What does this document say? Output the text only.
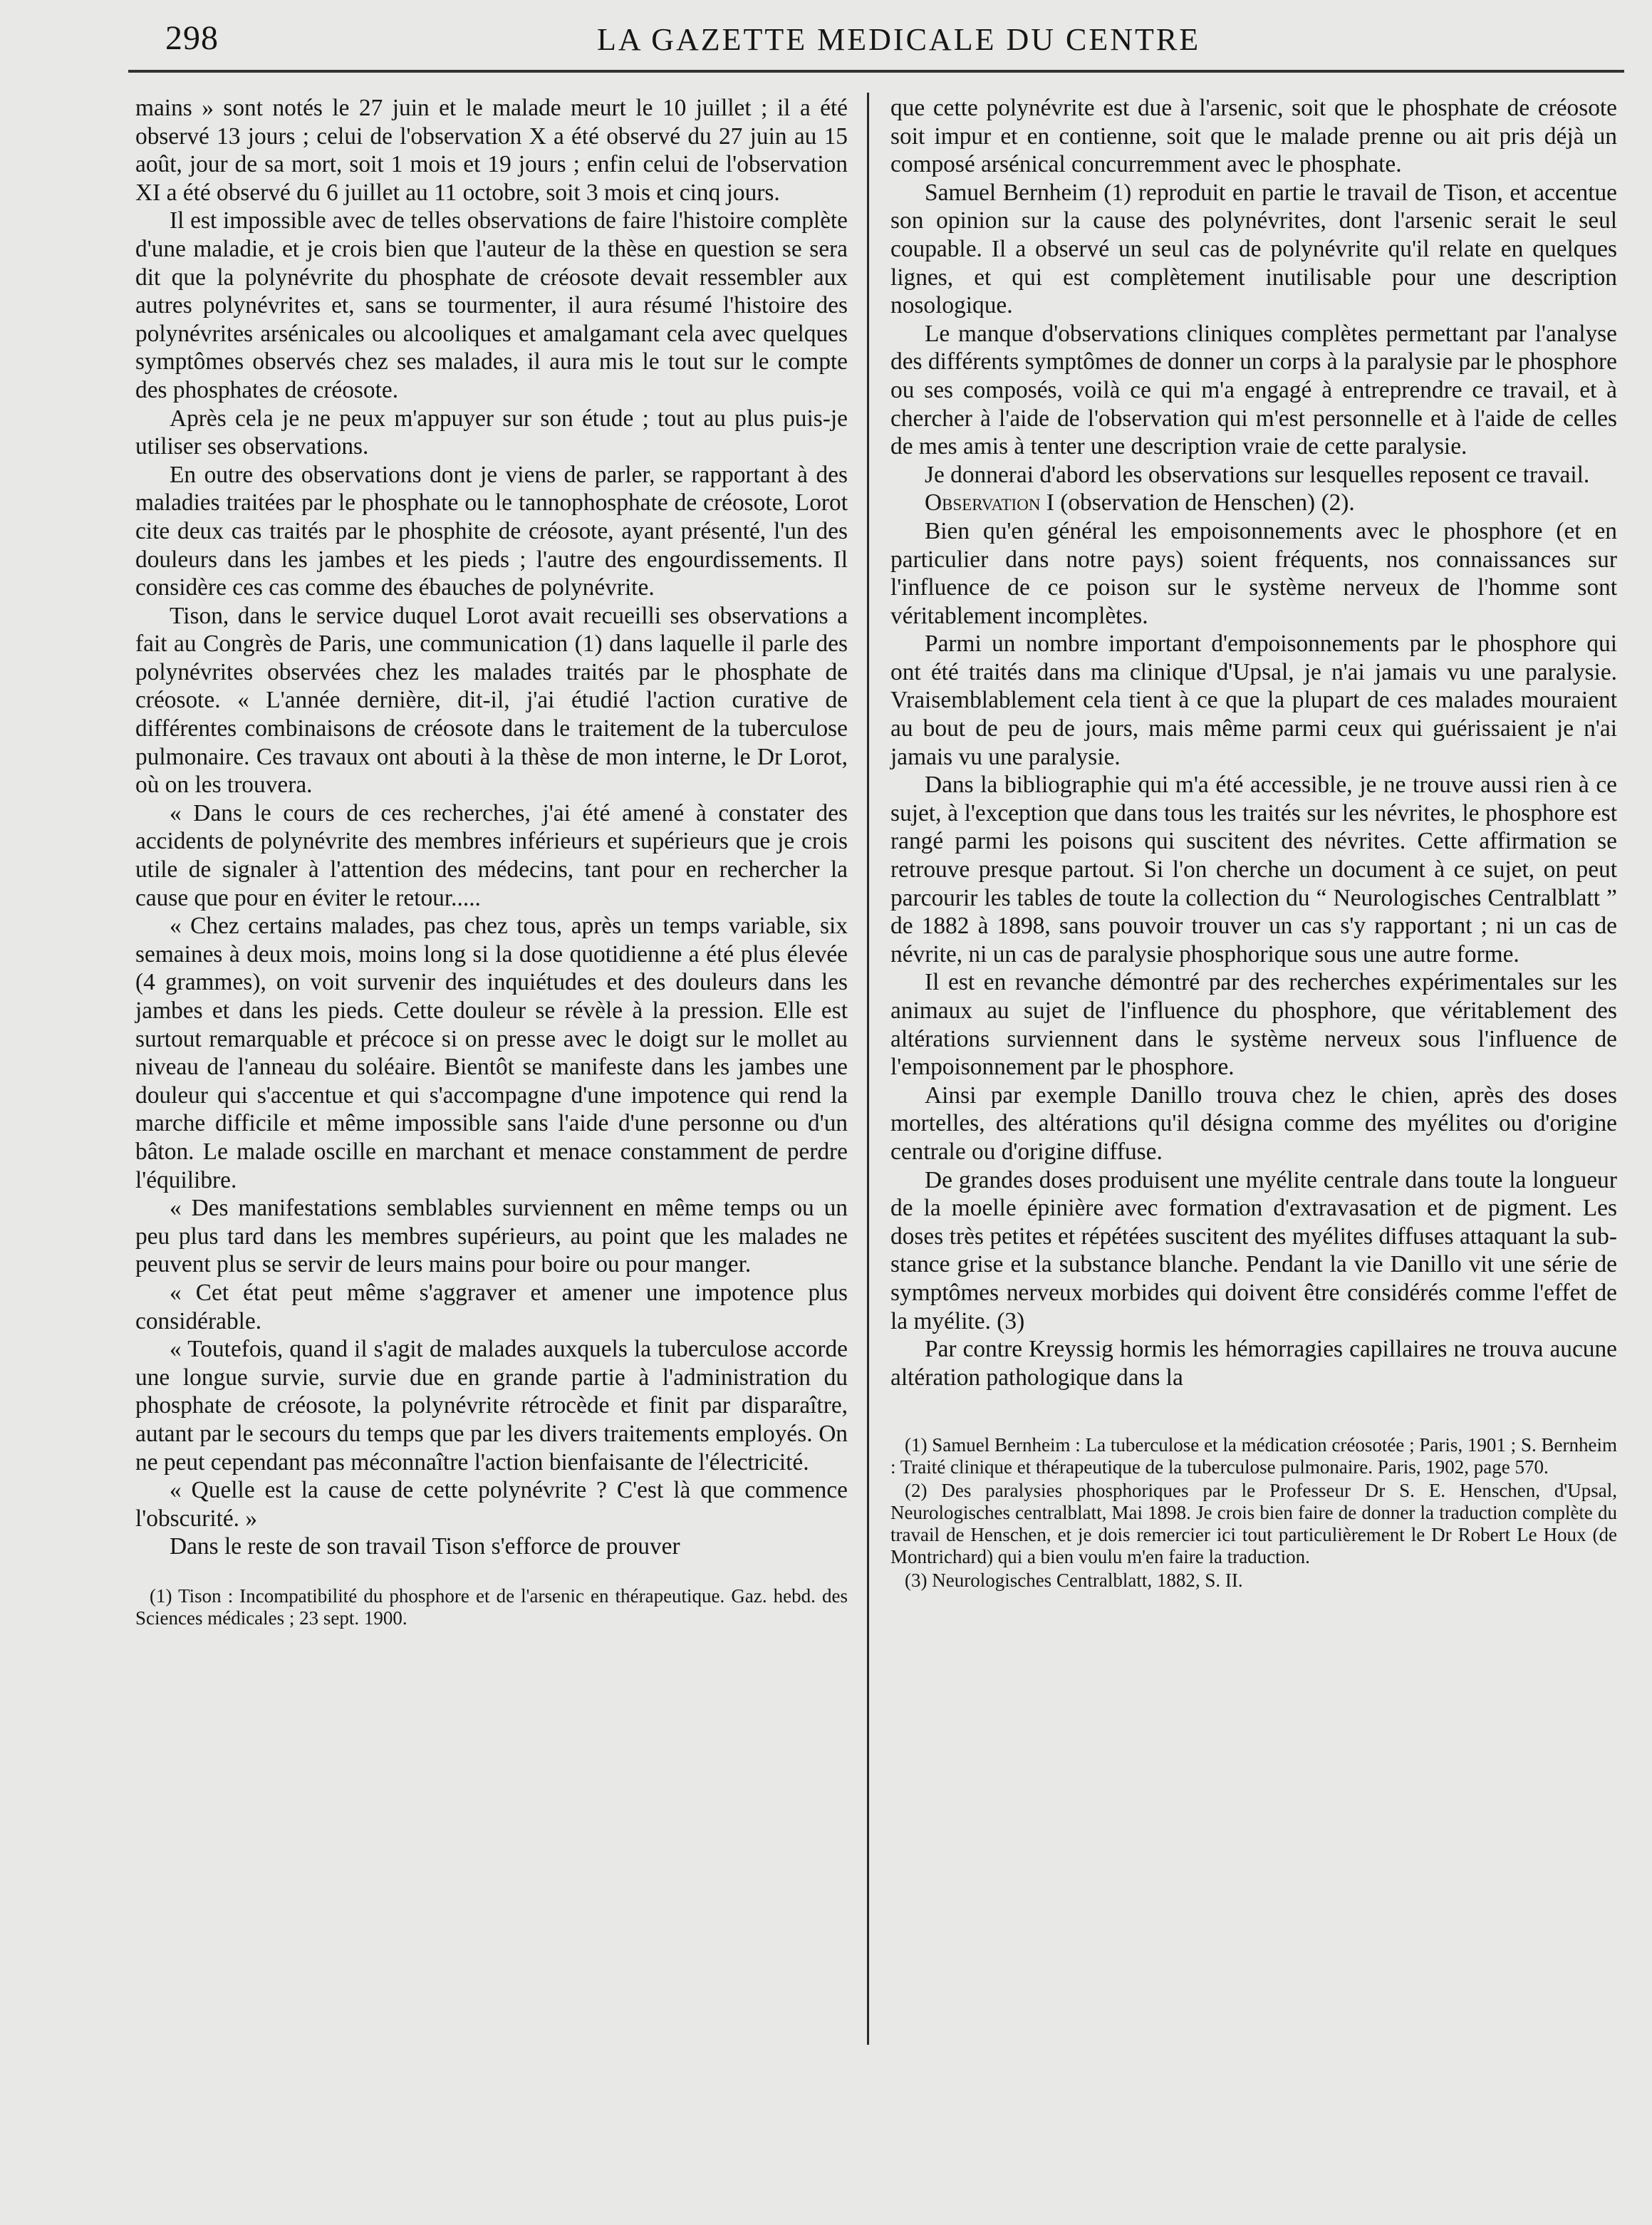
298	LA GAZETTE MEDICALE DU CENTRE

mains » sont notés le 27 juin et le malade meurt le 10 juillet ; il a été observé 13 jours ; celui de l'observation X a été observé du 27 juin au 15 août, jour de sa mort, soit 1 mois et 19 jours ; enfin celui de l'observation XI a été observé du 6 juillet au 11 octobre, soit 3 mois et cinq jours.

Il est impossible avec de telles observations de faire l'histoire complète d'une maladie, et je crois bien que l'auteur de la thèse en question se sera dit que la polynévrite du phosphate de créosote devait ressembler aux autres polynévrites et, sans se tourmenter, il aura résumé l'histoire des polynévrites arsénicales ou alcooliques et amalgamant cela avec quelques symptômes observés chez ses malades, il aura mis le tout sur le compte des phosphates de créosote.

Après cela je ne peux m'appuyer sur son étude ; tout au plus puis-je utiliser ses observations.

En outre des observations dont je viens de parler, se rapportant à des maladies traitées par le phosphate ou le tannophosphate de créosote, Lorot cite deux cas traités par le phosphite de créosote, ayant présenté, l'un des douleurs dans les jambes et les pieds ; l'autre des engourdissements. Il considère ces cas comme des ébauches de polynévrite.

Tison, dans le service duquel Lorot avait recueilli ses observations a fait au Congrès de Paris, une communication (1) dans laquelle il parle des polynévrites observées chez les malades traités par le phosphate de créosote. « L'année dernière, dit-il, j'ai étudié l'action curative de différentes combinaisons de créosote dans le traitement de la tuberculose pulmonaire. Ces travaux ont abouti à la thèse de mon interne, le Dr Lorot, où on les trouvera.

« Dans le cours de ces recherches, j'ai été amené à constater des accidents de polynévrite des membres inférieurs et supérieurs que je crois utile de signaler à l'attention des médecins, tant pour en rechercher la cause que pour en éviter le retour.....

« Chez certains malades, pas chez tous, après un temps variable, six semaines à deux mois, moins long si la dose quotidienne a été plus élevée (4 grammes), on voit survenir des inquiétudes et des douleurs dans les jambes et dans les pieds. Cette douleur se révèle à la pression. Elle est surtout remarquable et précoce si on presse avec le doigt sur le mollet au niveau de l'anneau du soléaire. Bientôt se manifeste dans les jambes une douleur qui s'accentue et qui s'accompagne d'une impotence qui rend la marche difficile et même impossible sans l'aide d'une personne ou d'un bâton. Le malade oscille en marchant et menace constamment de perdre l'équilibre.

« Des manifestations semblables surviennent en même temps ou un peu plus tard dans les membres supérieurs, au point que les malades ne peuvent plus se servir de leurs mains pour boire ou pour manger.

« Cet état peut même s'aggraver et amener une impotence plus considérable.

« Toutefois, quand il s'agit de malades auxquels la tuberculose accorde une longue survie, survie due en grande partie à l'administration du phosphate de créosote, la polynévrite rétrocède et finit par disparaître, autant par le secours du temps que par les divers traitements employés. On ne peut cependant pas méconnaître l'action bienfaisante de l'électricité.

« Quelle est la cause de cette polynévrite ? C'est là que commence l'obscurité. »

Dans le reste de son travail Tison s'efforce de prouver

(1) Tison : Incompatibilité du phosphore et de l'arsenic en thérapeutique. Gaz. hebd. des Sciences médicales ; 23 sept. 1900.

que cette polynévrite est due à l'arsenic, soit que le phosphate de créosote soit impur et en contienne, soit que le malade prenne ou ait pris déjà un composé arsénical concurremment avec le phosphate.

Samuel Bernheim (1) reproduit en partie le travail de Tison, et accentue son opinion sur la cause des polynévrites, dont l'arsenic serait le seul coupable. Il a observé un seul cas de polynévrite qu'il relate en quelques lignes, et qui est complètement inutilisable pour une description nosologique.

Le manque d'observations cliniques complètes permettant par l'analyse des différents symptômes de donner un corps à la paralysie par le phosphore ou ses composés, voilà ce qui m'a engagé à entreprendre ce travail, et à chercher à l'aide de l'observation qui m'est personnelle et à l'aide de celles de mes amis à tenter une description vraie de cette paralysie.

Je donnerai d'abord les observations sur lesquelles reposent ce travail.

Observation I (observation de Henschen) (2).

Bien qu'en général les empoisonnements avec le phosphore (et en particulier dans notre pays) soient fréquents, nos connaissances sur l'influence de ce poison sur le système nerveux de l'homme sont véritablement incomplètes.

Parmi un nombre important d'empoisonnements par le phosphore qui ont été traités dans ma clinique d'Upsal, je n'ai jamais vu une paralysie. Vraisemblablement cela tient à ce que la plupart de ces malades mouraient au bout de peu de jours, mais même parmi ceux qui guérissaient je n'ai jamais vu une paralysie.

Dans la bibliographie qui m'a été accessible, je ne trouve aussi rien à ce sujet, à l'exception que dans tous les traités sur les névrites, le phosphore est rangé parmi les poisons qui suscitent des névrites. Cette affirmation se retrouve presque partout. Si l'on cherche un document à ce sujet, on peut parcourir les tables de toute la collection du “ Neurologisches Centralblatt ” de 1882 à 1898, sans pouvoir trouver un cas s'y rapportant ; ni un cas de névrite, ni un cas de paralysie phosphorique sous une autre forme.

Il est en revanche démontré par des recherches expérimentales sur les animaux au sujet de l'influence du phosphore, que véritablement des altérations surviennent dans le système nerveux sous l'influence de l'empoisonnement par le phosphore.

Ainsi par exemple Danillo trouva chez le chien, après des doses mortelles, des altérations qu'il désigna comme des myélites ou d'origine centrale ou d'origine diffuse.

De grandes doses produisent une myélite centrale dans toute la longueur de la moelle épinière avec formation d'extravasation et de pigment. Les doses très petites et répétées suscitent des myélites diffuses attaquant la substance grise et la substance blanche. Pendant la vie Danillo vit une série de symptômes nerveux morbides qui doivent être considérés comme l'effet de la myélite. (3)

Par contre Kreyssig hormis les hémorragies capillaires ne trouva aucune altération pathologique dans la

(1) Samuel Bernheim : La tuberculose et la médication créosotée ; Paris, 1901 ; S. Bernheim : Traité clinique et thérapeutique de la tuberculose pulmonaire. Paris, 1902, page 570.

(2) Des paralysies phosphoriques par le Professeur Dr S. E. Henschen, d'Upsal, Neurologisches centralblatt, Mai 1898. Je crois bien faire de donner la traduction complète du travail de Henschen, et je dois remercier ici tout particulièrement le Dr Robert Le Houx (de Montrichard) qui a bien voulu m'en faire la traduction.

(3) Neurologisches Centralblatt, 1882, S. II.
